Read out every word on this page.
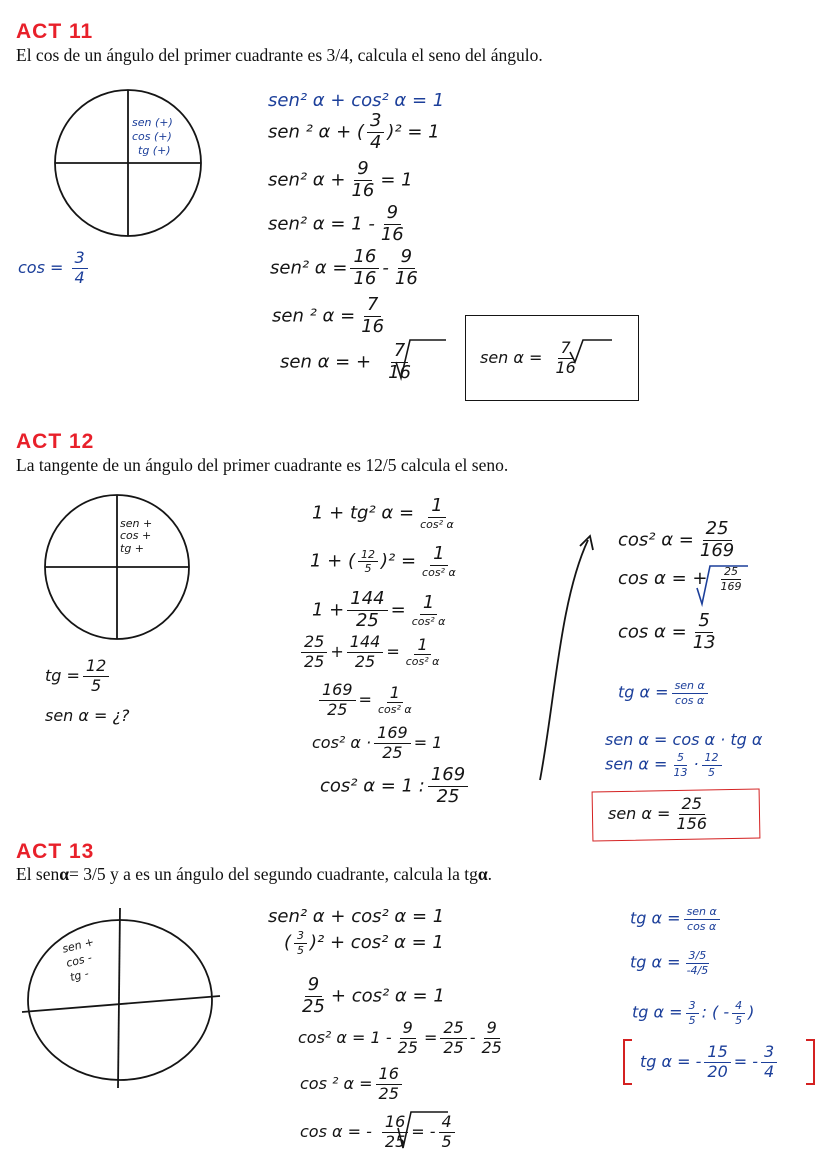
ACT 11
El cos de un ángulo del primer cuadrante es 3/4, calcula el seno del ángulo.
sen (+)
cos (+)
tg (+)
$\cos = \frac{3}{4}$
sen² α + cos² α = 1
sen ² α + ( $\frac{3}{4} )^2 = 1$
sen² $\alpha + \frac{9}{16} = 1$
sen² $\alpha = 1 - \frac{9}{16}$
sen² $\alpha = \frac{16}{16} - \frac{9}{16}$
sen ² $\alpha = \frac{7}{16}$
sen α = + $\frac{7}{16}$	sen $\alpha = \frac{7}{16}$
ACT 12
La tangente de un ángulo del primer cuadrante es 12/5 calcula el seno.
sen +
cos +
tg +
tg = $\frac{12}{5}$
sen α = ¿?
1 + tg² $\alpha = \frac{1}{\text{cos² α}}$
1 + ( $\frac{12}{5} )^2 = \frac{1}{\text{cos² α}}$
$1 + \frac{144}{25} = \frac{1}{\text{cos² α}}$
$\frac{25}{25} + \frac{144}{25} = \frac{1}{\text{cos² α}}$
$\frac{169}{25} = \frac{1}{\text{cos² α}}$
cos² $\alpha \cdot \frac{169}{25} = 1$
cos² α = 1 : $\frac{169}{25}$
cos² $\alpha = \frac{25}{169}$
cos α = + $\frac{25}{169}$
$\cos \alpha = \frac{5}{13}$
tg $\alpha = \frac{\text{sen α}}{\text{cos α}}$
sen α = cos α · tg α
sen $\alpha = \frac{5}{13} \cdot \frac{12}{5}$
sen $\alpha = \frac{25}{156}$
ACT 13
El senα= 3/5 y a es un ángulo del segundo cuadrante, calcula la tgα.
sen +
cos -
tg -
sen² α + cos² α = 1
( $\frac{3}{5} )^2 + \cos^2$ α = 1
$\frac{9}{25} + \cos^2$ α = 1
cos² $\alpha = 1 - \frac{9}{25} = \frac{25}{25} - \frac{9}{25}$
cos ² $\alpha = \frac{16}{25}$
cos α = - $\frac{16}{25}$ = - $\frac{4}{5}$
tg $\alpha = \frac{\text{sen α}}{\text{cos α}}$
tg $\alpha = \frac{3/5}{-4/5}$
tg $\alpha = \frac{3}{5}$ : ( - $\frac{4}{5}$ )
tg α = - $\frac{15}{20}$ = - $\frac{3}{4}$
